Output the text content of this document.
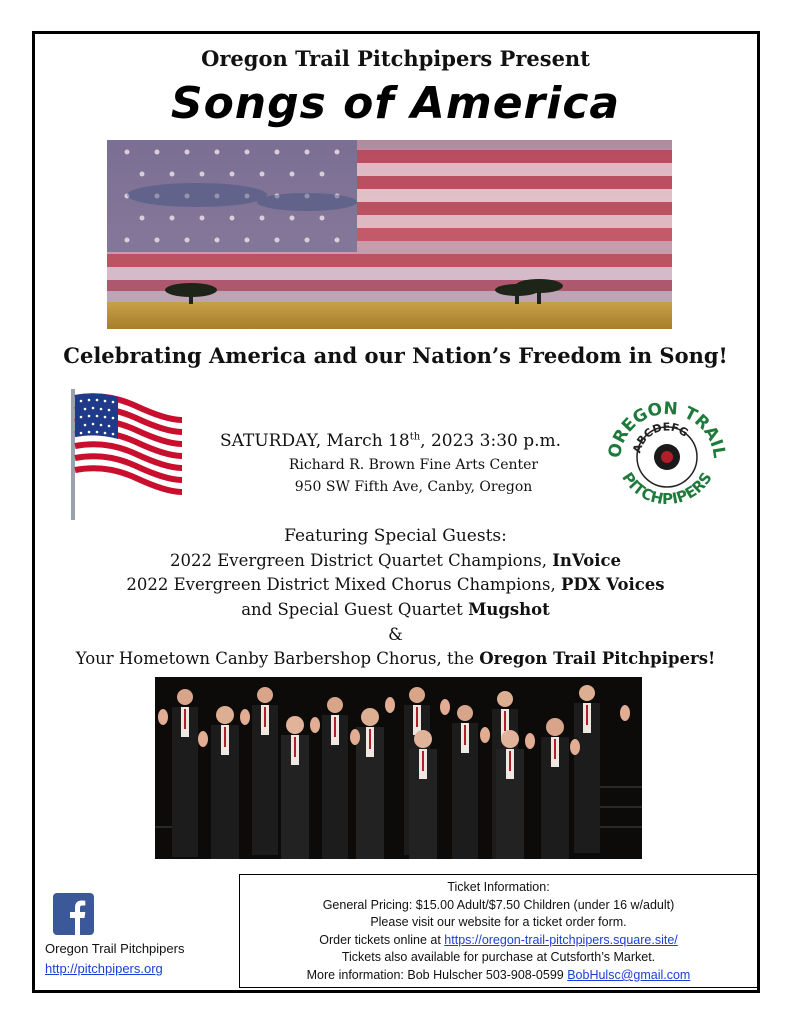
Oregon Trail Pitchpipers Present
Songs of America
Celebrating America and our Nation’s Freedom in Song!
SATURDAY, March 18th, 2023 3:30 p.m.
Richard R. Brown Fine Arts Center
950 SW Fifth Ave, Canby, Oregon
OREGON TRAIL
PITCHPIPERS
ABCDEFG
Featuring Special Guests:
2022 Evergreen District Quartet Champions, InVoice
2022 Evergreen District Mixed Chorus Champions, PDX Voices
and Special Guest Quartet Mugshot
&
Your Hometown Canby Barbershop Chorus, the Oregon Trail Pitchpipers!
Oregon Trail Pitchpipers
http://pitchpipers.org
Ticket Information:
General Pricing: $15.00 Adult/$7.50 Children (under 16 w/adult)
Please visit our website for a ticket order form.
Order tickets online at https://oregon-trail-pitchpipers.square.site/
Tickets also available for purchase at Cutsforth’s Market.
More information: Bob Hulscher 503-908-0599 BobHulsc@gmail.com
